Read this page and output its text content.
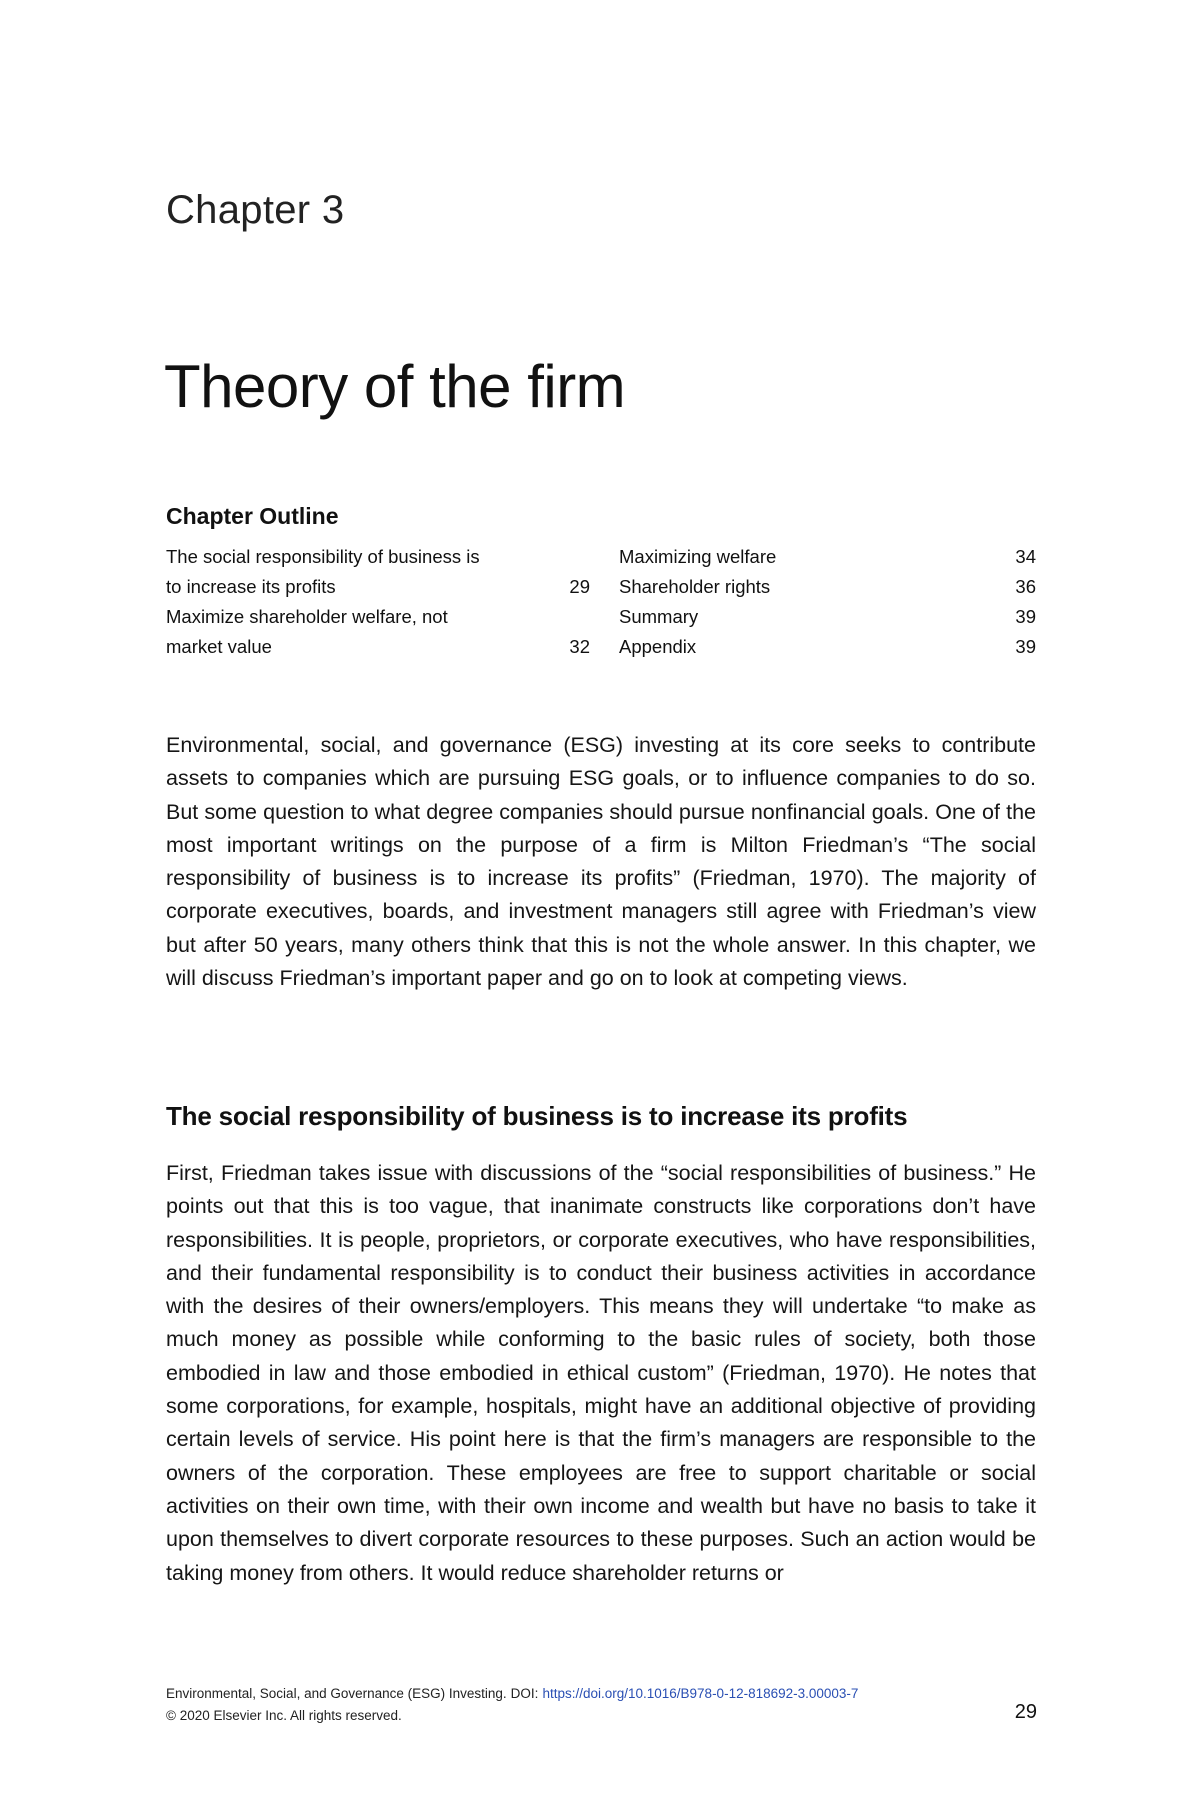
Chapter 3
Theory of the firm
Chapter Outline
The social responsibility of business is
to increase its profits	29
Maximize shareholder welfare, not
market value	32
Maximizing welfare	34
Shareholder rights	36
Summary	39
Appendix	39

Environmental, social, and governance (ESG) investing at its core seeks to contribute assets to companies which are pursuing ESG goals, or to influence companies to do so. But some question to what degree companies should pursue nonfinancial goals. One of the most important writings on the purpose of a firm is Milton Friedman’s “The social responsibility of business is to increase its profits” (Friedman, 1970). The majority of corporate executives, boards, and investment managers still agree with Friedman’s view but after 50 years, many others think that this is not the whole answer. In this chapter, we will discuss Friedman’s important paper and go on to look at competing views.

The social responsibility of business is to increase its profits

First, Friedman takes issue with discussions of the “social responsibilities of business.” He points out that this is too vague, that inanimate constructs like corporations don’t have responsibilities. It is people, proprietors, or corporate executives, who have responsibilities, and their fundamental responsibility is to conduct their business activities in accordance with the desires of their owners/employers. This means they will undertake “to make as much money as possible while conforming to the basic rules of society, both those embodied in law and those embodied in ethical custom” (Friedman, 1970). He notes that some corporations, for example, hospitals, might have an additional objective of providing certain levels of service. His point here is that the firm’s managers are responsible to the owners of the corporation. These employees are free to support charitable or social activities on their own time, with their own income and wealth but have no basis to take it upon themselves to divert corporate resources to these purposes. Such an action would be taking money from others. It would reduce shareholder returns or

Environmental, Social, and Governance (ESG) Investing. DOI: https://doi.org/10.1016/B978-0-12-818692-3.00003-7
© 2020 Elsevier Inc. All rights reserved.	29
